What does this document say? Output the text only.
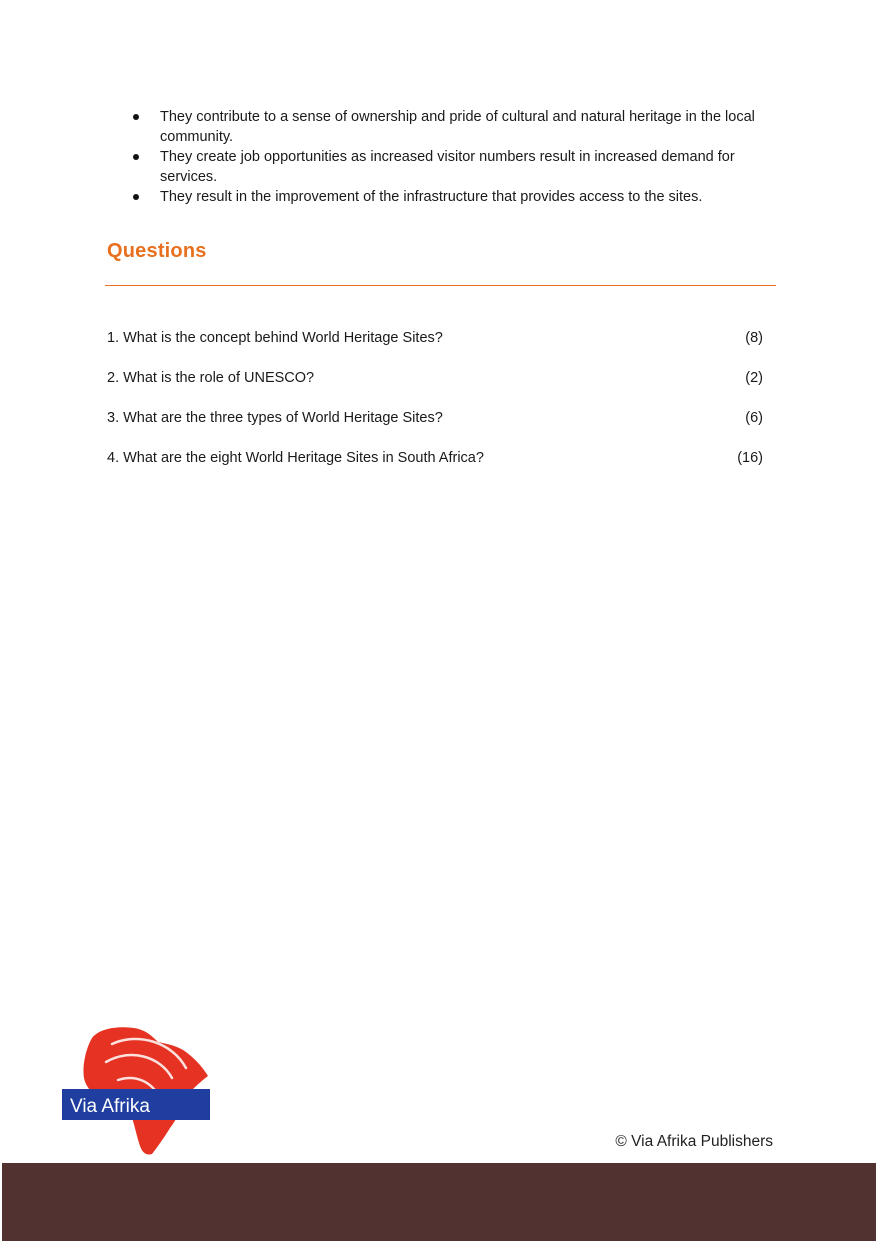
They contribute to a sense of ownership and pride of cultural and natural heritage in the local community.
They create job opportunities as increased visitor numbers result in increased demand for services.
They result in the improvement of the infrastructure that provides access to the sites.
Questions
1. What is the concept behind World Heritage Sites?	(8)
2. What is the role of UNESCO?	(2)
3. What are the three types of World Heritage Sites?	(6)
4. What are the eight World Heritage Sites in South Africa?	(16)
Via Afrika
© Via Afrika Publishers
